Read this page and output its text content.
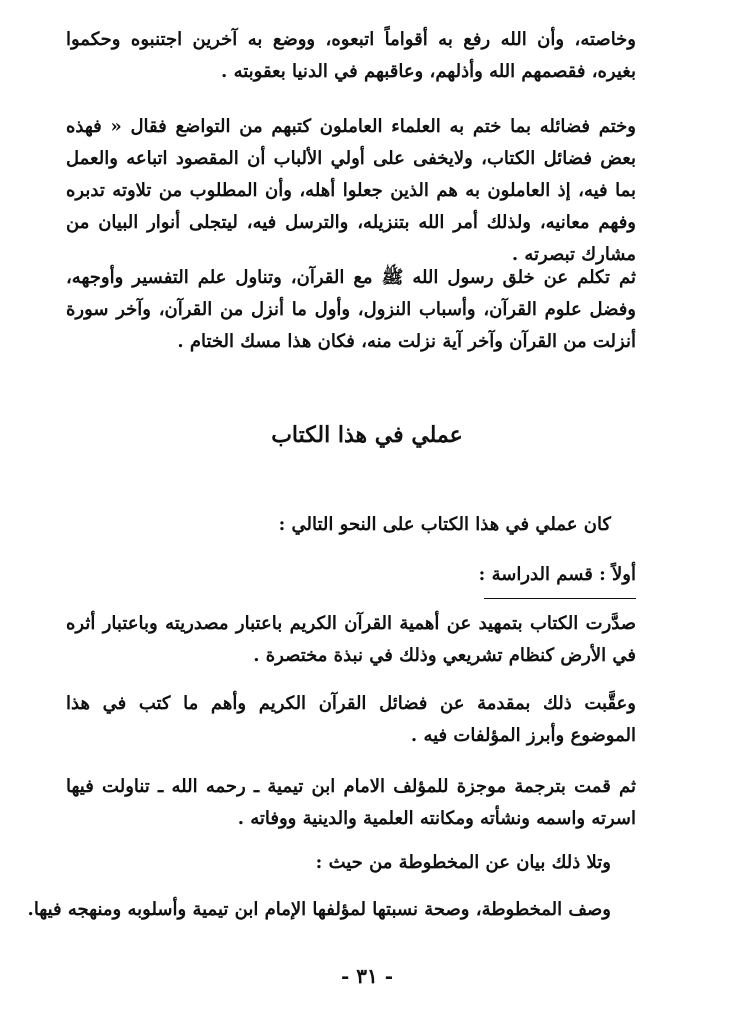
وخاصته، وأن الله رفع به أقواماً اتبعوه، ووضع به آخرين اجتنبوه وحكموا بغيره، فقصمهم الله وأذلهم، وعاقبهم في الدنيا بعقوبته .

وختم فضائله بما ختم به العلماء العاملون كتبهم من التواضع فقال « فهذه بعض فضائل الكتاب، ولايخفى على أولي الألباب أن المقصود اتباعه والعمل بما فيه، إذ العاملون به هم الذين جعلوا أهله، وأن المطلوب من تلاوته تدبره وفهم معانيه، ولذلك أمر الله بتنزيله، والترسل فيه، ليتجلى أنوار البيان من مشارك تبصرته .

ثم تكلم عن خلق رسول الله ﷺ مع القرآن، وتناول علم التفسير وأوجهه، وفضل علوم القرآن، وأسباب النزول، وأول ما أنزل من القرآن، وآخر سورة أنزلت من القرآن وآخر آية نزلت منه، فكان هذا مسك الختام .

عملي في هذا الكتاب
كان عملي في هذا الكتاب على النحو التالي :
أولاً : قسم الدراسة :

صدَّرت الكتاب بتمهيد عن أهمية القرآن الكريم باعتبار مصدريته وباعتبار أثره في الأرض كنظام تشريعي وذلك في نبذة مختصرة .

وعقَّبت ذلك بمقدمة عن فضائل القرآن الكريم وأهم ما كتب في هذا الموضوع وأبرز المؤلفات فيه .

ثم قمت بترجمة موجزة للمؤلف الامام ابن تيمية ـ رحمه الله ـ تناولت فيها اسرته واسمه ونشأته ومكانته العلمية والدينية ووفاته .

وتلا ذلك بيان عن المخطوطة من حيث :
وصف المخطوطة، وصحة نسبتها لمؤلفها الإمام ابن تيمية وأسلوبه ومنهجه فيها.
- ٣١ -
